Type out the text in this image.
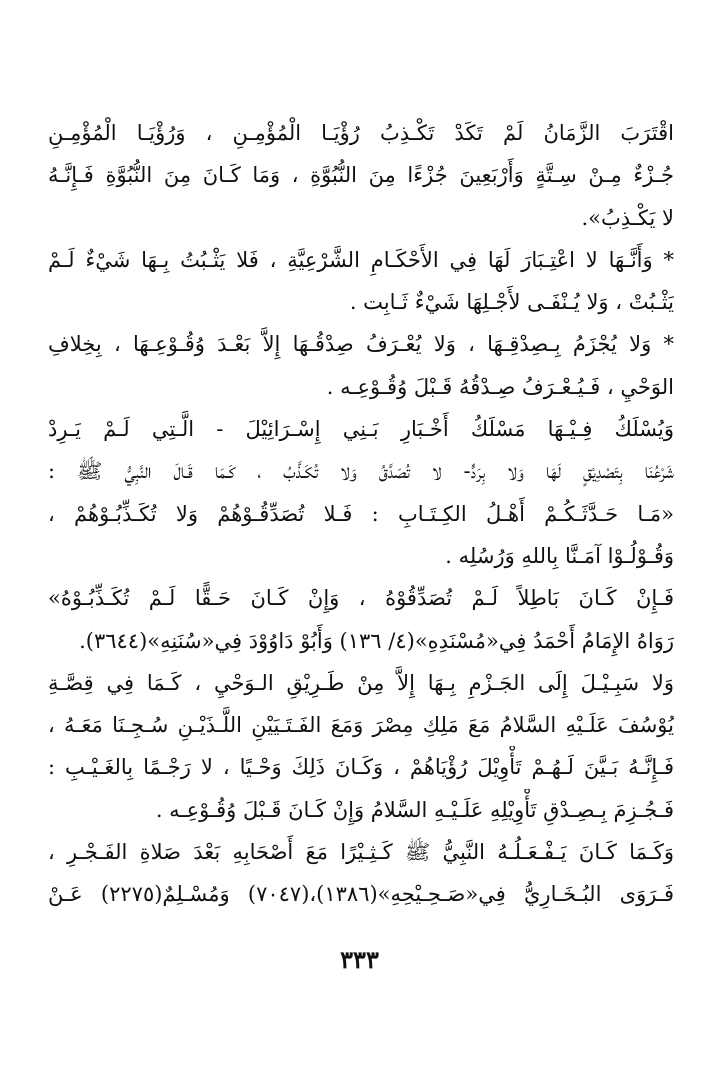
اقْتَرَبَ الزَّمَانُ لَمْ تَكَدْ تَكْـذِبُ رُؤْيَـا الْمُؤْمِـنِ ، وَرُؤْيَـا الْمُؤْمِـنِ
جُـزْءٌ مِـنْ سِـتَّةٍ وَأَرْبَعِينَ جُزْءًا مِنَ النُّبُوَّةِ ، وَمَا كَـانَ مِنَ النُّبُوَّةِ فَـإِنَّـهُ
لا يَكْـذِبُ».
* وَأَنَّـهَا لا اعْتِـبَارَ لَهَا فِي الأَحْكَـامِ الشَّرْعِيَّةِ ، فَلا يَثْـبُتُ بِـهَا شَيْءٌ لَـمْ
يَثْـبُتْ ، وَلا يُـنْفَـى لأَجْـلِهَا شَيْءٌ ثَـابِت .
* وَلا يُجْزَمُ بِـصِدْقِـهَا ، وَلا يُعْـرَفُ صِدْقُـهَا إِلاَّ بَعْـدَ وُقُـوْعِـهَا ، بِخِلافِ
الوَحْيِ ، فَـيُـعْـرَفُ صِـدْقُهُ قَـبْلَ وُقُـوْعِـه .
وَيُسْلَكُ فِـيْـهَا مَسْلَكُ أَخْـبَارِ بَـنِي إِسْـرَائِيْلَ - الَّـتِي لَـمْ يَـرِدْ
شَرْعُنَا بِتَصْدِيْقٍ لَهَا وَلا بِرَدٍّ- لا تُصَدَّقُ وَلا تُكَـذَّبُ ، كَـمَا قَـالَ النَّبِيُّ ﷺ :
«مَـا حَـدَّثَـكُـمْ أَهْـلُ الكِـتَـابِ : فَـلا تُصَدِّقُـوْهُمْ وَلا تُكَـذِّبُـوْهُمْ ،
وَقُـوْلُـوْا آمَـنَّا بِاللهِ وَرُسُلِه .
فَـإِنْ كَـانَ بَاطِلاً لَـمْ تُصَدِّقُوْهُ ، وَإِنْ كَـانَ حَـقًّا لَـمْ تُكَـذِّبُـوْهُ»
رَوَاهُ الإِمَامُ أَحْمَدُ فِي«مُسْنَدِهِ»(٤/ ١٣٦) وَأَبُوْ دَاوُوْدَ فِي«سُنَنِهِ»(٣٦٤٤).
وَلا سَبِـيْـلَ إِلَى الجَـزْمِ بِـهَا إِلاَّ مِنْ طَـرِيْقِ الـوَحْيِ ، كَـمَا فِي قِصَّـةِ
يُوْسُفَ عَلَـيْهِ السَّلامُ مَعَ مَلِكِ مِصْرَ وَمَعَ الفَـتَـيَيْنِ اللَّـذَيْـنِ سُـجِـنَا مَعَـهُ ،
فَـإِنَّـهُ بَـيَّنَ لَـهُـمْ تَأْوِيْلَ رُؤْيَاهُمْ ، وَكَـانَ ذَلِكَ وَحْـيًا ، لا رَجْـمًا بِالغَـيْـبِ :
فَـجُـزِمَ بِـصِـدْقِ تَأْوِيْلِهِ عَلَـيْـهِ السَّلامُ وَإِنْ كَـانَ قَـبْلَ وُقُـوْعِـه .
وَكَـمَا كَـانَ يَـفْـعَـلُـهُ النَّبِيُّ ﷺ كَـثِـيْرًا مَعَ أَصْحَابِهِ بَعْدَ صَلاةِ الفَـجْـرِ ،
فَـرَوَى البُـخَـارِيُّ فِي«صَـحِـيْحِهِ»(١٣٨٦)،(٧٠٤٧) وَمُسْـلِمٌ(٢٢٧٥) عَـنْ
٣٣٣
